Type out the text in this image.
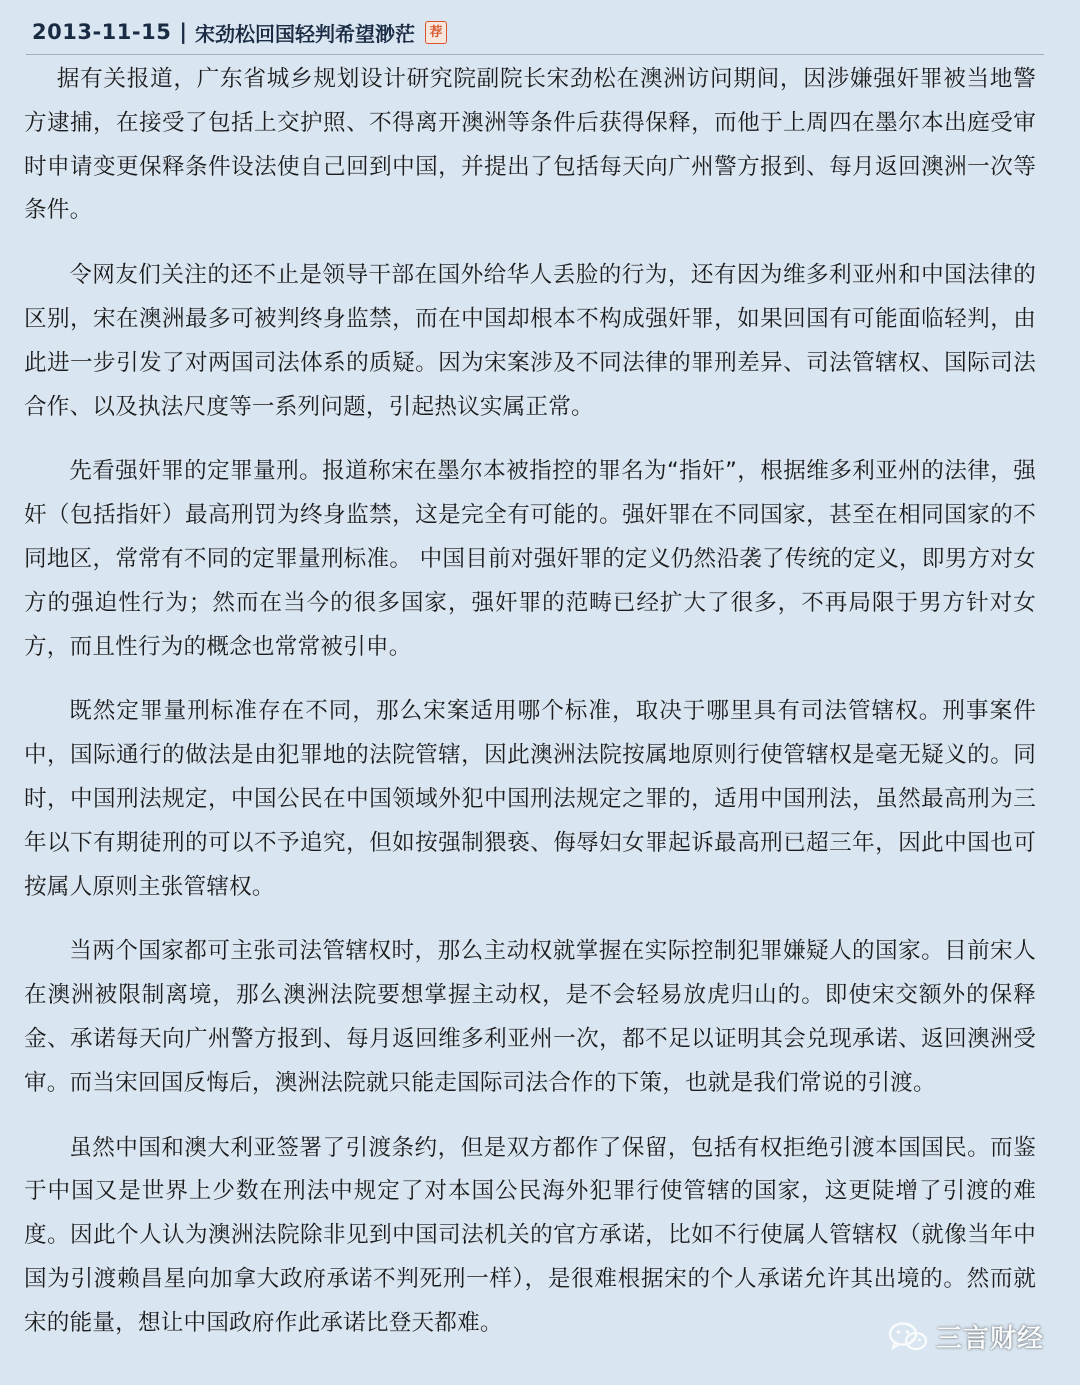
2013-11-15 | 宋劲松回国轻判希望渺茫	荐

据有关报道，广东省城乡规划设计研究院副院长宋劲松在澳洲访问期间，因涉嫌强奸罪被当地警方逮捕，在接受了包括上交护照、不得离开澳洲等条件后获得保释，而他于上周四在墨尔本出庭受审时申请变更保释条件设法使自己回到中国，并提出了包括每天向广州警方报到、每月返回澳洲一次等条件。

令网友们关注的还不止是领导干部在国外给华人丢脸的行为，还有因为维多利亚州和中国法律的区别，宋在澳洲最多可被判终身监禁，而在中国却根本不构成强奸罪，如果回国有可能面临轻判，由此进一步引发了对两国司法体系的质疑。因为宋案涉及不同法律的罪刑差异、司法管辖权、国际司法合作、以及执法尺度等一系列问题，引起热议实属正常。

先看强奸罪的定罪量刑。报道称宋在墨尔本被指控的罪名为“指奸”，根据维多利亚州的法律，强奸（包括指奸）最高刑罚为终身监禁，这是完全有可能的。强奸罪在不同国家，甚至在相同国家的不同地区，常常有不同的定罪量刑标准。 中国目前对强奸罪的定义仍然沿袭了传统的定义，即男方对女方的强迫性行为；然而在当今的很多国家，强奸罪的范畴已经扩大了很多，不再局限于男方针对女方，而且性行为的概念也常常被引申。

既然定罪量刑标准存在不同，那么宋案适用哪个标准，取决于哪里具有司法管辖权。刑事案件中，国际通行的做法是由犯罪地的法院管辖，因此澳洲法院按属地原则行使管辖权是毫无疑义的。同时，中国刑法规定，中国公民在中国领域外犯中国刑法规定之罪的，适用中国刑法，虽然最高刑为三年以下有期徒刑的可以不予追究，但如按强制猥亵、侮辱妇女罪起诉最高刑已超三年，因此中国也可按属人原则主张管辖权。

当两个国家都可主张司法管辖权时，那么主动权就掌握在实际控制犯罪嫌疑人的国家。目前宋人在澳洲被限制离境，那么澳洲法院要想掌握主动权，是不会轻易放虎归山的。即使宋交额外的保释金、承诺每天向广州警方报到、每月返回维多利亚州一次，都不足以证明其会兑现承诺、返回澳洲受审。而当宋回国反悔后，澳洲法院就只能走国际司法合作的下策，也就是我们常说的引渡。

虽然中国和澳大利亚签署了引渡条约，但是双方都作了保留，包括有权拒绝引渡本国国民。而鉴于中国又是世界上少数在刑法中规定了对本国公民海外犯罪行使管辖的国家，这更陡增了引渡的难度。因此个人认为澳洲法院除非见到中国司法机关的官方承诺，比如不行使属人管辖权（就像当年中国为引渡赖昌星向加拿大政府承诺不判死刑一样），是很难根据宋的个人承诺允许其出境的。然而就宋的能量，想让中国政府作此承诺比登天都难。

三言财经
